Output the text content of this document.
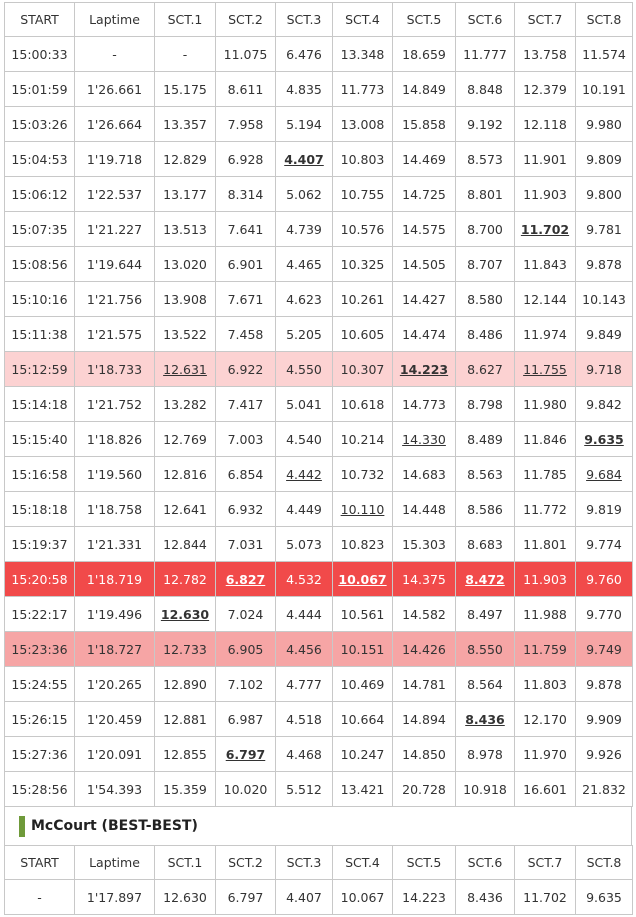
START	Laptime	SCT.1	SCT.2	SCT.3	SCT.4	SCT.5	SCT.6	SCT.7	SCT.8
15:00:33	-	-	11.075	6.476	13.348	18.659	11.777	13.758	11.574
15:01:59	1'26.661	15.175	8.611	4.835	11.773	14.849	8.848	12.379	10.191
15:03:26	1'26.664	13.357	7.958	5.194	13.008	15.858	9.192	12.118	9.980
15:04:53	1'19.718	12.829	6.928	4.407	10.803	14.469	8.573	11.901	9.809
15:06:12	1'22.537	13.177	8.314	5.062	10.755	14.725	8.801	11.903	9.800
15:07:35	1'21.227	13.513	7.641	4.739	10.576	14.575	8.700	11.702	9.781
15:08:56	1'19.644	13.020	6.901	4.465	10.325	14.505	8.707	11.843	9.878
15:10:16	1'21.756	13.908	7.671	4.623	10.261	14.427	8.580	12.144	10.143
15:11:38	1'21.575	13.522	7.458	5.205	10.605	14.474	8.486	11.974	9.849
15:12:59	1'18.733	12.631	6.922	4.550	10.307	14.223	8.627	11.755	9.718
15:14:18	1'21.752	13.282	7.417	5.041	10.618	14.773	8.798	11.980	9.842
15:15:40	1'18.826	12.769	7.003	4.540	10.214	14.330	8.489	11.846	9.635
15:16:58	1'19.560	12.816	6.854	4.442	10.732	14.683	8.563	11.785	9.684
15:18:18	1'18.758	12.641	6.932	4.449	10.110	14.448	8.586	11.772	9.819
15:19:37	1'21.331	12.844	7.031	5.073	10.823	15.303	8.683	11.801	9.774
15:20:58	1'18.719	12.782	6.827	4.532	10.067	14.375	8.472	11.903	9.760
15:22:17	1'19.496	12.630	7.024	4.444	10.561	14.582	8.497	11.988	9.770
15:23:36	1'18.727	12.733	6.905	4.456	10.151	14.426	8.550	11.759	9.749
15:24:55	1'20.265	12.890	7.102	4.777	10.469	14.781	8.564	11.803	9.878
15:26:15	1'20.459	12.881	6.987	4.518	10.664	14.894	8.436	12.170	9.909
15:27:36	1'20.091	12.855	6.797	4.468	10.247	14.850	8.978	11.970	9.926
15:28:56	1'54.393	15.359	10.020	5.512	13.421	20.728	10.918	16.601	21.832
McCourt (BEST-BEST)
START	Laptime	SCT.1	SCT.2	SCT.3	SCT.4	SCT.5	SCT.6	SCT.7	SCT.8
-	1'17.897	12.630	6.797	4.407	10.067	14.223	8.436	11.702	9.635
